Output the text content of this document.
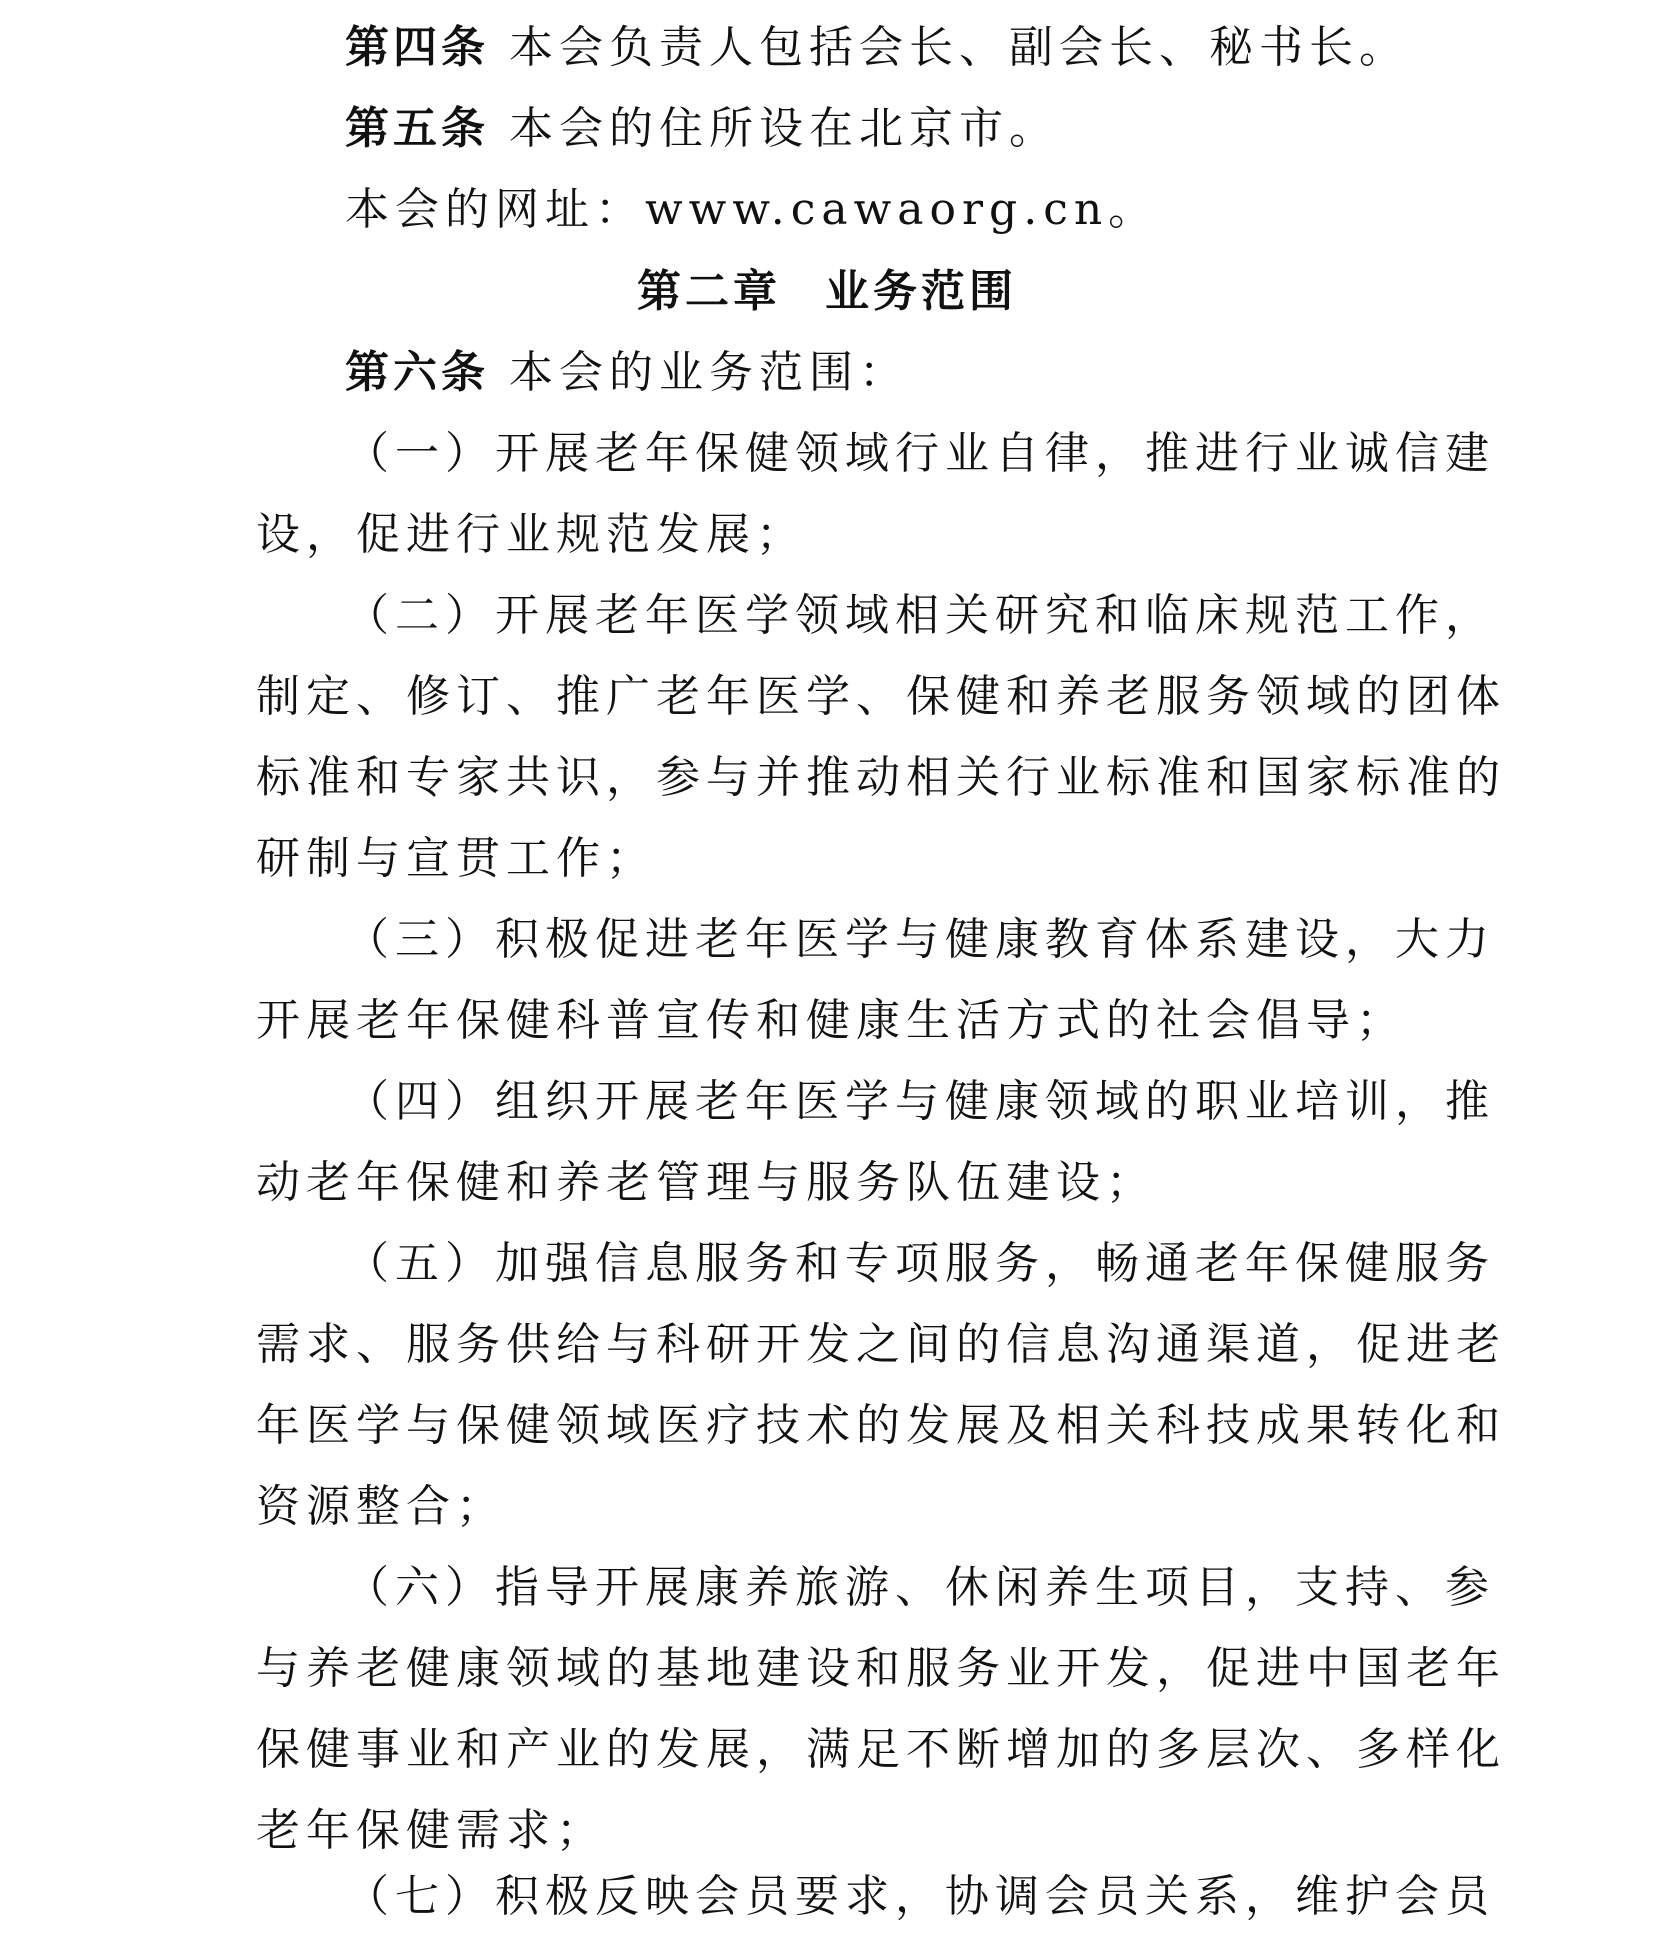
第四条 本会负责人包括会长、副会长、秘书长。
第五条 本会的住所设在北京市。
本会的网址：www.cawaorg.cn。
第二章 业务范围
第六条 本会的业务范围：
（一）开展老年保健领域行业自律，推进行业诚信建
设，促进行业规范发展；
（二）开展老年医学领域相关研究和临床规范工作，
制定、修订、推广老年医学、保健和养老服务领域的团体
标准和专家共识，参与并推动相关行业标准和国家标准的
研制与宣贯工作；
（三）积极促进老年医学与健康教育体系建设，大力
开展老年保健科普宣传和健康生活方式的社会倡导；
（四）组织开展老年医学与健康领域的职业培训，推
动老年保健和养老管理与服务队伍建设；
（五）加强信息服务和专项服务，畅通老年保健服务
需求、服务供给与科研开发之间的信息沟通渠道，促进老
年医学与保健领域医疗技术的发展及相关科技成果转化和
资源整合；
（六）指导开展康养旅游、休闲养生项目，支持、参
与养老健康领域的基地建设和服务业开发，促进中国老年
保健事业和产业的发展，满足不断增加的多层次、多样化
老年保健需求；
（七）积极反映会员要求，协调会员关系，维护会员
